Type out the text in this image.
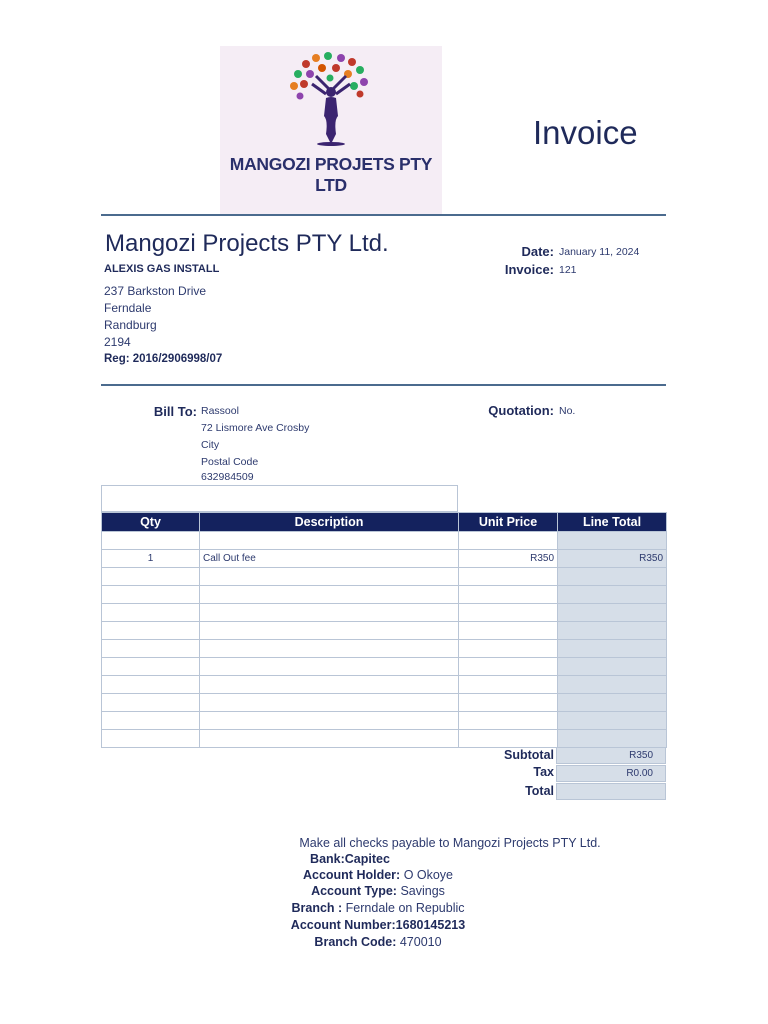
MANGOZI PROJETS PTY LTD
Invoice
Mangozi Projects PTY Ltd.
ALEXIS GAS INSTALL
237 Barkston Drive
Ferndale
Randburg
2194
Reg: 2016/2906998/07
Date: January 11, 2024
Invoice: 121
Bill To: Rassool
72 Lismore Ave Crosby
City
Postal Code
632984509
Quotation: No.
Qty	Description	Unit Price	Line Total

1	Call Out fee	R350	R350

Subtotal	R350
Tax	R0.00
Total
Make all checks payable to Mangozi Projects PTY Ltd.
Bank:Capitec
Account Holder: O Okoye
Account Type: Savings
Branch : Ferndale on Republic
Account Number:1680145213
Branch Code: 470010
